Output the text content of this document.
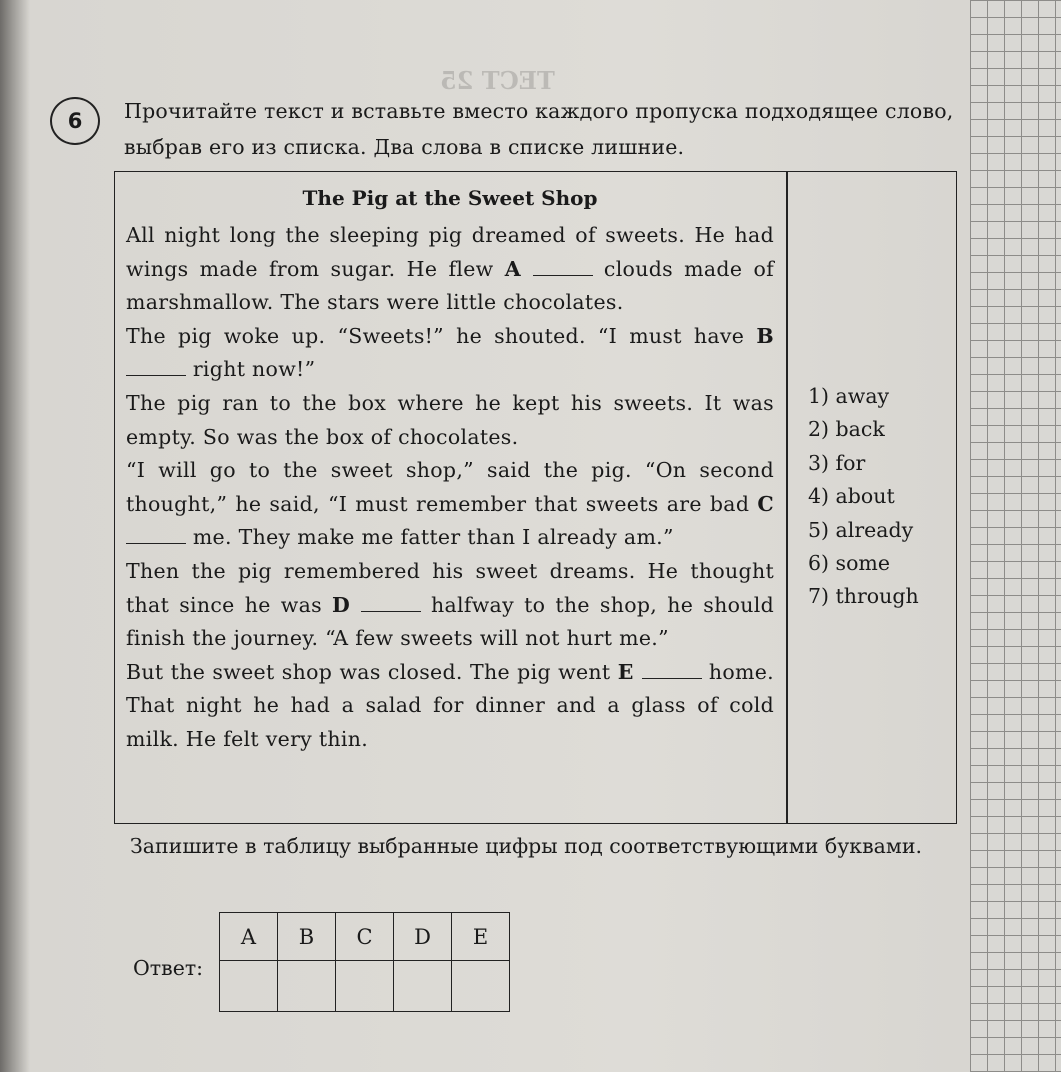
ТЕСТ 25
6	Прочитайте текст и вставьте вместо каждого пропуска подходящее слово, выбрав его из списка. Два слова в списке лишние.
The Pig at the Sweet Shop

All night long the sleeping pig dreamed of sweets. He had wings made from sugar. He flew A	clouds made of marshmallow. The stars were little chocolates.

The pig woke up. “Sweets!” he shouted. “I must have B  right now!”

The pig ran to the box where he kept his sweets. It was empty. So was the box of chocolates.

“I will go to the sweet shop,” said the pig. “On second thought,” he said, “I must remember that sweets are bad C  me. They make me fatter than I already am.”

Then the pig remembered his sweet dreams. He thought that since he was D	halfway to the shop, he should finish the journey. “A few sweets will not hurt me.”

But the sweet shop was closed. The pig went E	home. That night he had a salad for dinner and a glass of cold milk. He felt very thin.

1) away
2) back
3) for
4) about
5) already
6) some
7) through
Запишите в таблицу выбранные цифры под соответствующими буквами.
Ответ:
A	B	C	D	E
